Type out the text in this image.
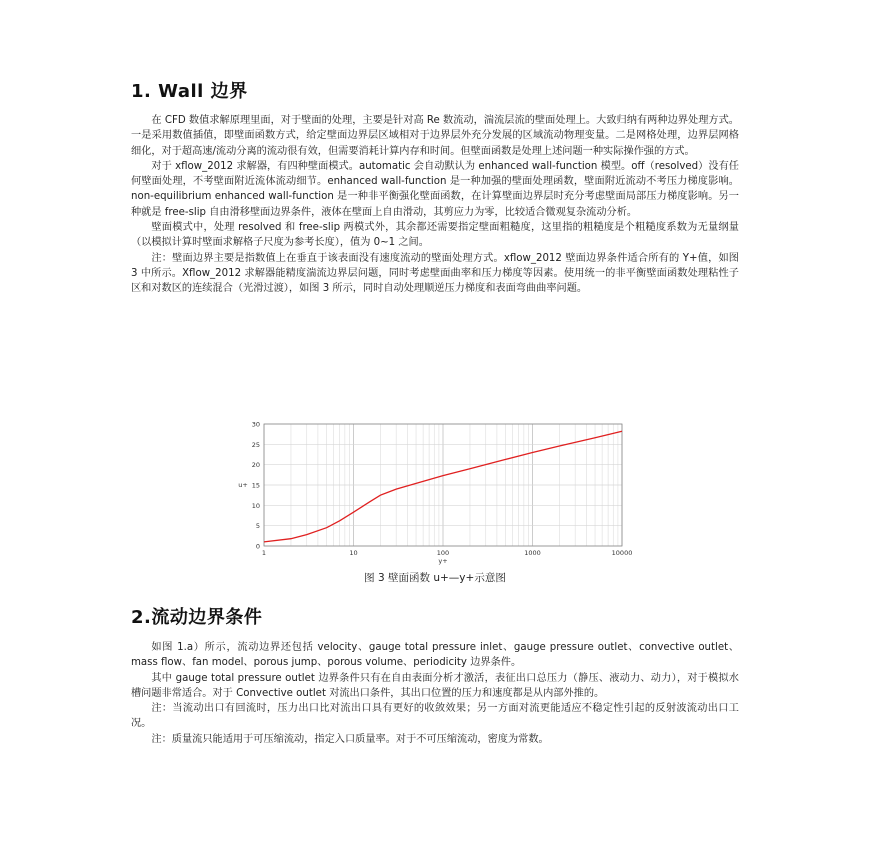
1. Wall 边界

在 CFD 数值求解原理里面，对于壁面的处理，主要是针对高 Re 数流动，湍流层流的壁面处理上。大致归纳有两种边界处理方式。一是采用数值插值，即壁面函数方式，给定壁面边界层区域相对于边界层外充分发展的区域流动物理变量。二是网格处理，边界层网格细化，对于超高速/流动分离的流动很有效，但需要消耗计算内存和时间。但壁面函数是处理上述问题一种实际操作强的方式。

对于 xflow_2012 求解器，有四种壁面模式。automatic 会自动默认为 enhanced wall-function 模型。off（resolved）没有任何壁面处理，不考壁面附近流体流动细节。enhanced wall-function 是一种加强的壁面处理函数，壁面附近流动不考压力梯度影响。non-equilibrium enhanced wall-function 是一种非平衡强化壁面函数，在计算壁面边界层时充分考虑壁面局部压力梯度影响。另一种就是 free-slip 自由滑移壁面边界条件，液体在壁面上自由滑动，其剪应力为零，比较适合微观复杂流动分析。

壁面模式中，处理 resolved 和 free-slip 两模式外，其余都还需要指定壁面粗糙度，这里指的粗糙度是个粗糙度系数为无量纲量（以模拟计算时壁面求解格子尺度为参考长度），值为 0~1 之间。

注：壁面边界主要是指数值上在垂直于该表面没有速度流动的壁面处理方式。xflow_2012 壁面边界条件适合所有的 Y+值，如图 3 中所示。Xflow_2012 求解器能精度湍流边界层问题，同时考虑壁面曲率和压力梯度等因素。使用统一的非平衡壁面函数处理粘性子区和对数区的连续混合（光滑过渡），如图 3 所示，同时自动处理顺逆压力梯度和表面弯曲曲率问题。

0
5
10
15
20
25
30
1	10	100	1000	10000
u+
y+
图 3 壁面函数 u+—y+示意图
2.流动边界条件

如图 1.a）所示，流动边界还包括 velocity、gauge total pressure inlet、gauge pressure outlet、convective outlet、mass flow、fan model、porous jump、porous volume、periodicity 边界条件。

其中 gauge total pressure outlet 边界条件只有在自由表面分析才激活，表征出口总压力（静压、液动力、动力），对于模拟水槽问题非常适合。对于 Convective outlet 对流出口条件，其出口位置的压力和速度都是从内部外推的。

注：当流动出口有回流时，压力出口比对流出口具有更好的收敛效果；另一方面对流更能适应不稳定性引起的反射波流动出口工况。

注：质量流只能适用于可压缩流动，指定入口质量率。对于不可压缩流动，密度为常数。
